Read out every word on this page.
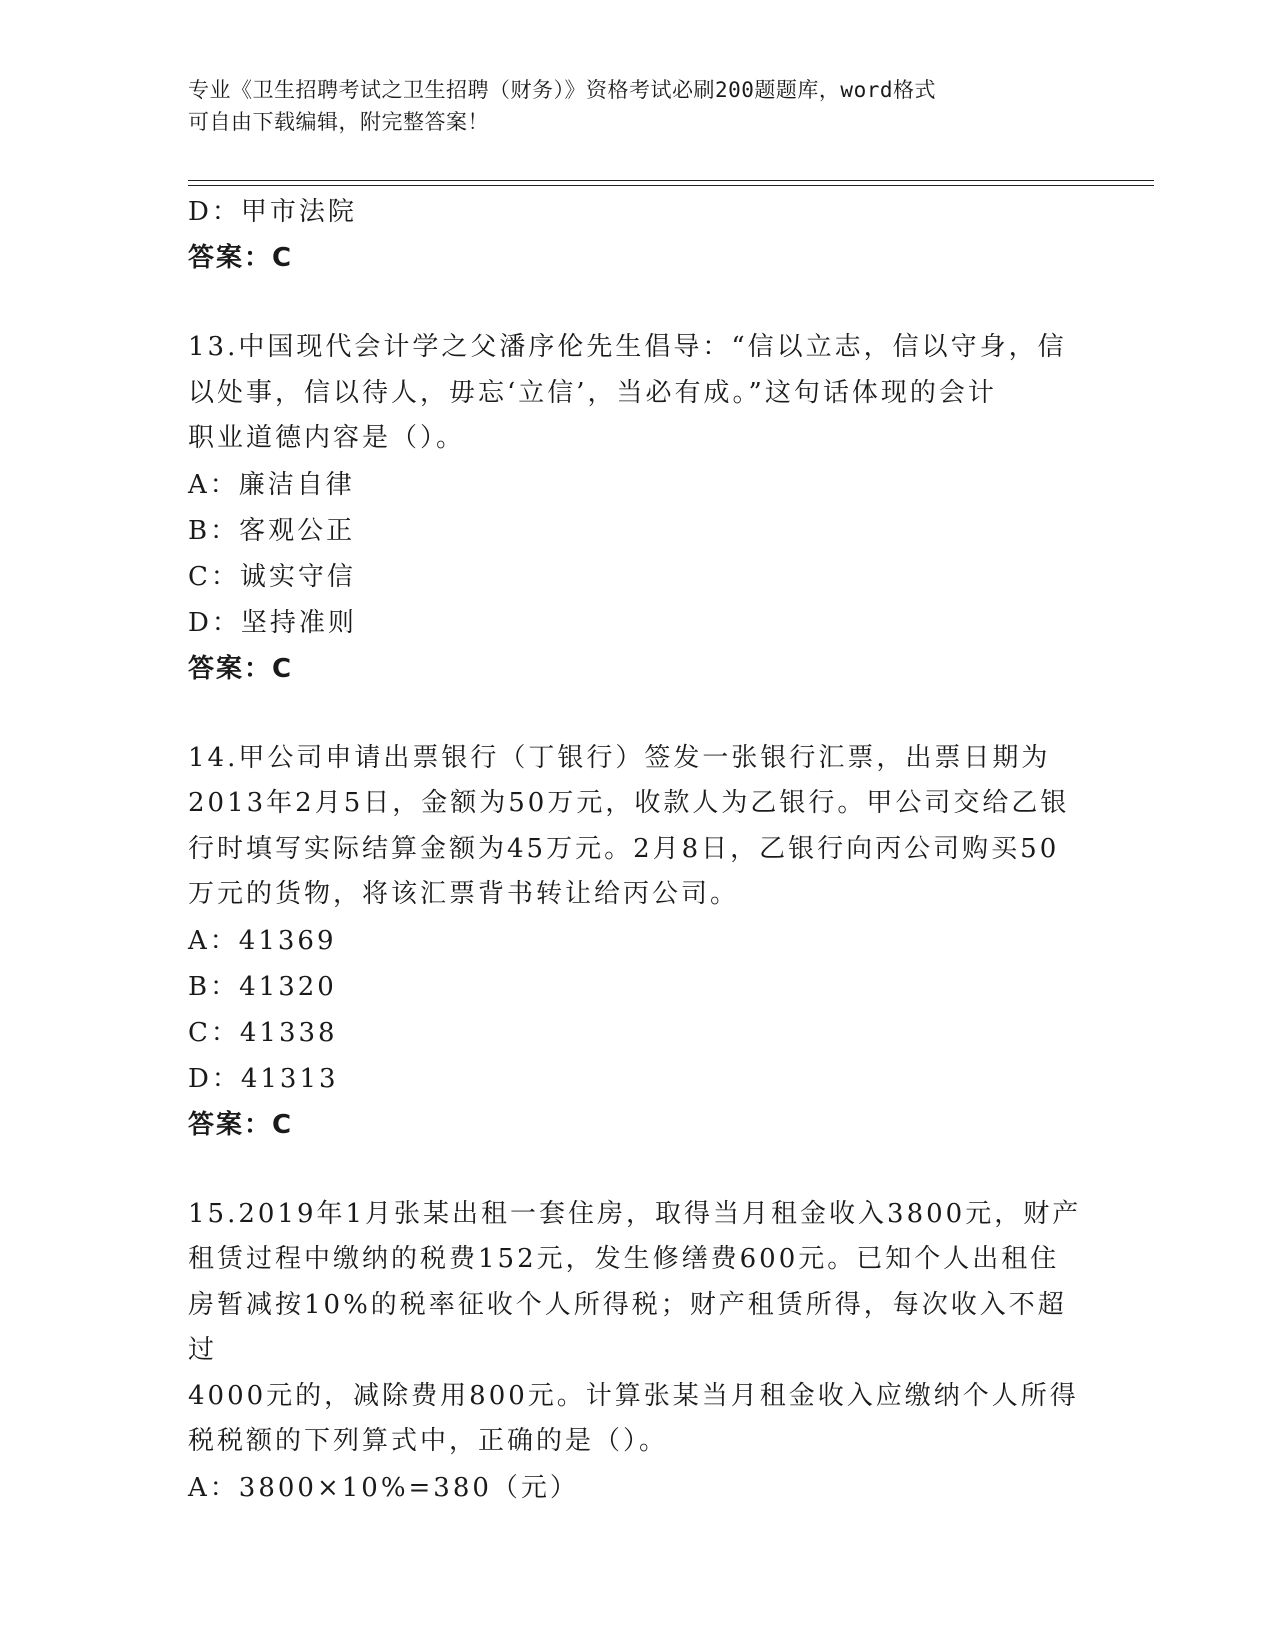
专业《卫生招聘考试之卫生招聘（财务）》资格考试必刷200题题库，word格式
可自由下载编辑，附完整答案！
D：甲市法院
答案：C
13.中国现代会计学之父潘序伦先生倡导：“信以立志，信以守身，信
以处事，信以待人，毋忘‘立信’，当必有成。”这句话体现的会计
职业道德内容是（）。
A：廉洁自律
B：客观公正
C：诚实守信
D：坚持准则
答案：C
14.甲公司申请出票银行（丁银行）签发一张银行汇票，出票日期为
2013年2月5日，金额为50万元，收款人为乙银行。甲公司交给乙银
行时填写实际结算金额为45万元。2月8日，乙银行向丙公司购买50
万元的货物，将该汇票背书转让给丙公司。
A：41369
B：41320
C：41338
D：41313
答案：C
15.2019年1月张某出租一套住房，取得当月租金收入3800元，财产
租赁过程中缴纳的税费152元，发生修缮费600元。已知个人出租住
房暂减按10%的税率征收个人所得税；财产租赁所得，每次收入不超过
4000元的，减除费用800元。计算张某当月租金收入应缴纳个人所得
税税额的下列算式中，正确的是（）。
A：3800×10%=380（元）
